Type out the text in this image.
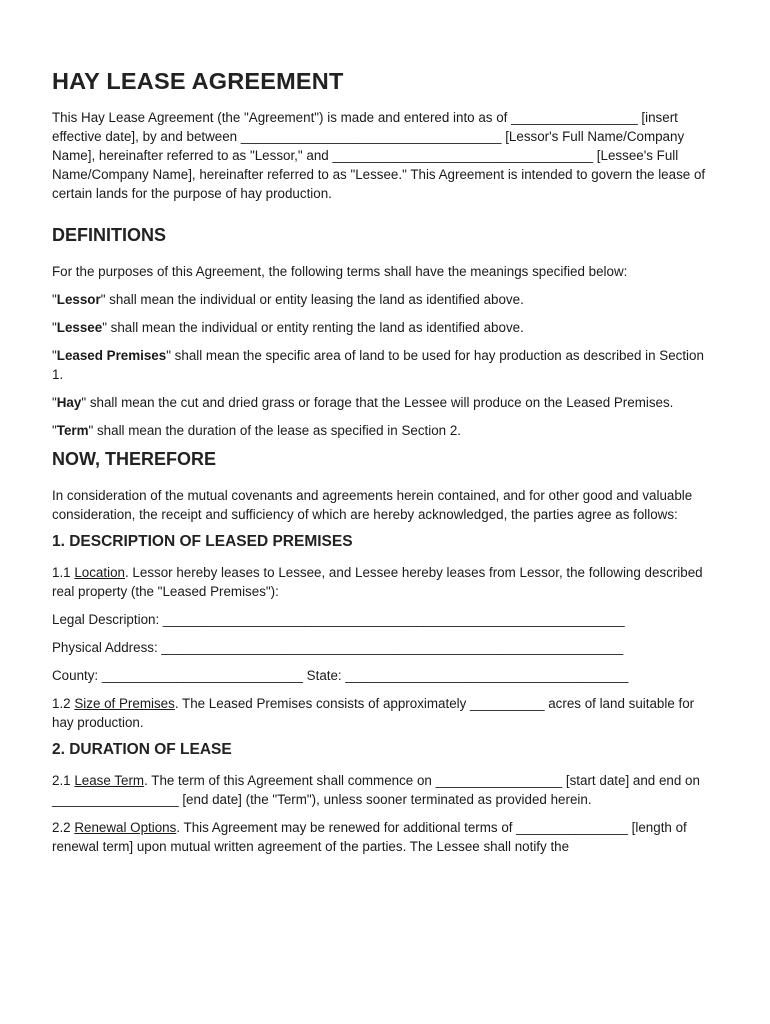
HAY LEASE AGREEMENT

This Hay Lease Agreement (the "Agreement") is made and entered into as of _________________ [insert effective date], by and between ___________________________________ [Lessor's Full Name/Company Name], hereinafter referred to as "Lessor," and ___________________________________ [Lessee's Full Name/Company Name], hereinafter referred to as "Lessee." This Agreement is intended to govern the lease of certain lands for the purpose of hay production.

DEFINITIONS

For the purposes of this Agreement, the following terms shall have the meanings specified below:

"Lessor" shall mean the individual or entity leasing the land as identified above.

"Lessee" shall mean the individual or entity renting the land as identified above.

"Leased Premises" shall mean the specific area of land to be used for hay production as described in Section 1.

"Hay" shall mean the cut and dried grass or forage that the Lessee will produce on the Leased Premises.

"Term" shall mean the duration of the lease as specified in Section 2.

NOW, THEREFORE

In consideration of the mutual covenants and agreements herein contained, and for other good and valuable consideration, the receipt and sufficiency of which are hereby acknowledged, the parties agree as follows:

1. DESCRIPTION OF LEASED PREMISES

1.1 Location. Lessor hereby leases to Lessee, and Lessee hereby leases from Lessor, the following described real property (the "Leased Premises"):

Legal Description: ______________________________________________________________

Physical Address: ______________________________________________________________

County: ___________________________ State: ______________________________________

1.2 Size of Premises. The Leased Premises consists of approximately __________ acres of land suitable for hay production.

2. DURATION OF LEASE

2.1 Lease Term. The term of this Agreement shall commence on _________________ [start date] and end on _________________ [end date] (the "Term"), unless sooner terminated as provided herein.

2.2 Renewal Options. This Agreement may be renewed for additional terms of _______________ [length of renewal term] upon mutual written agreement of the parties. The Lessee shall notify the
